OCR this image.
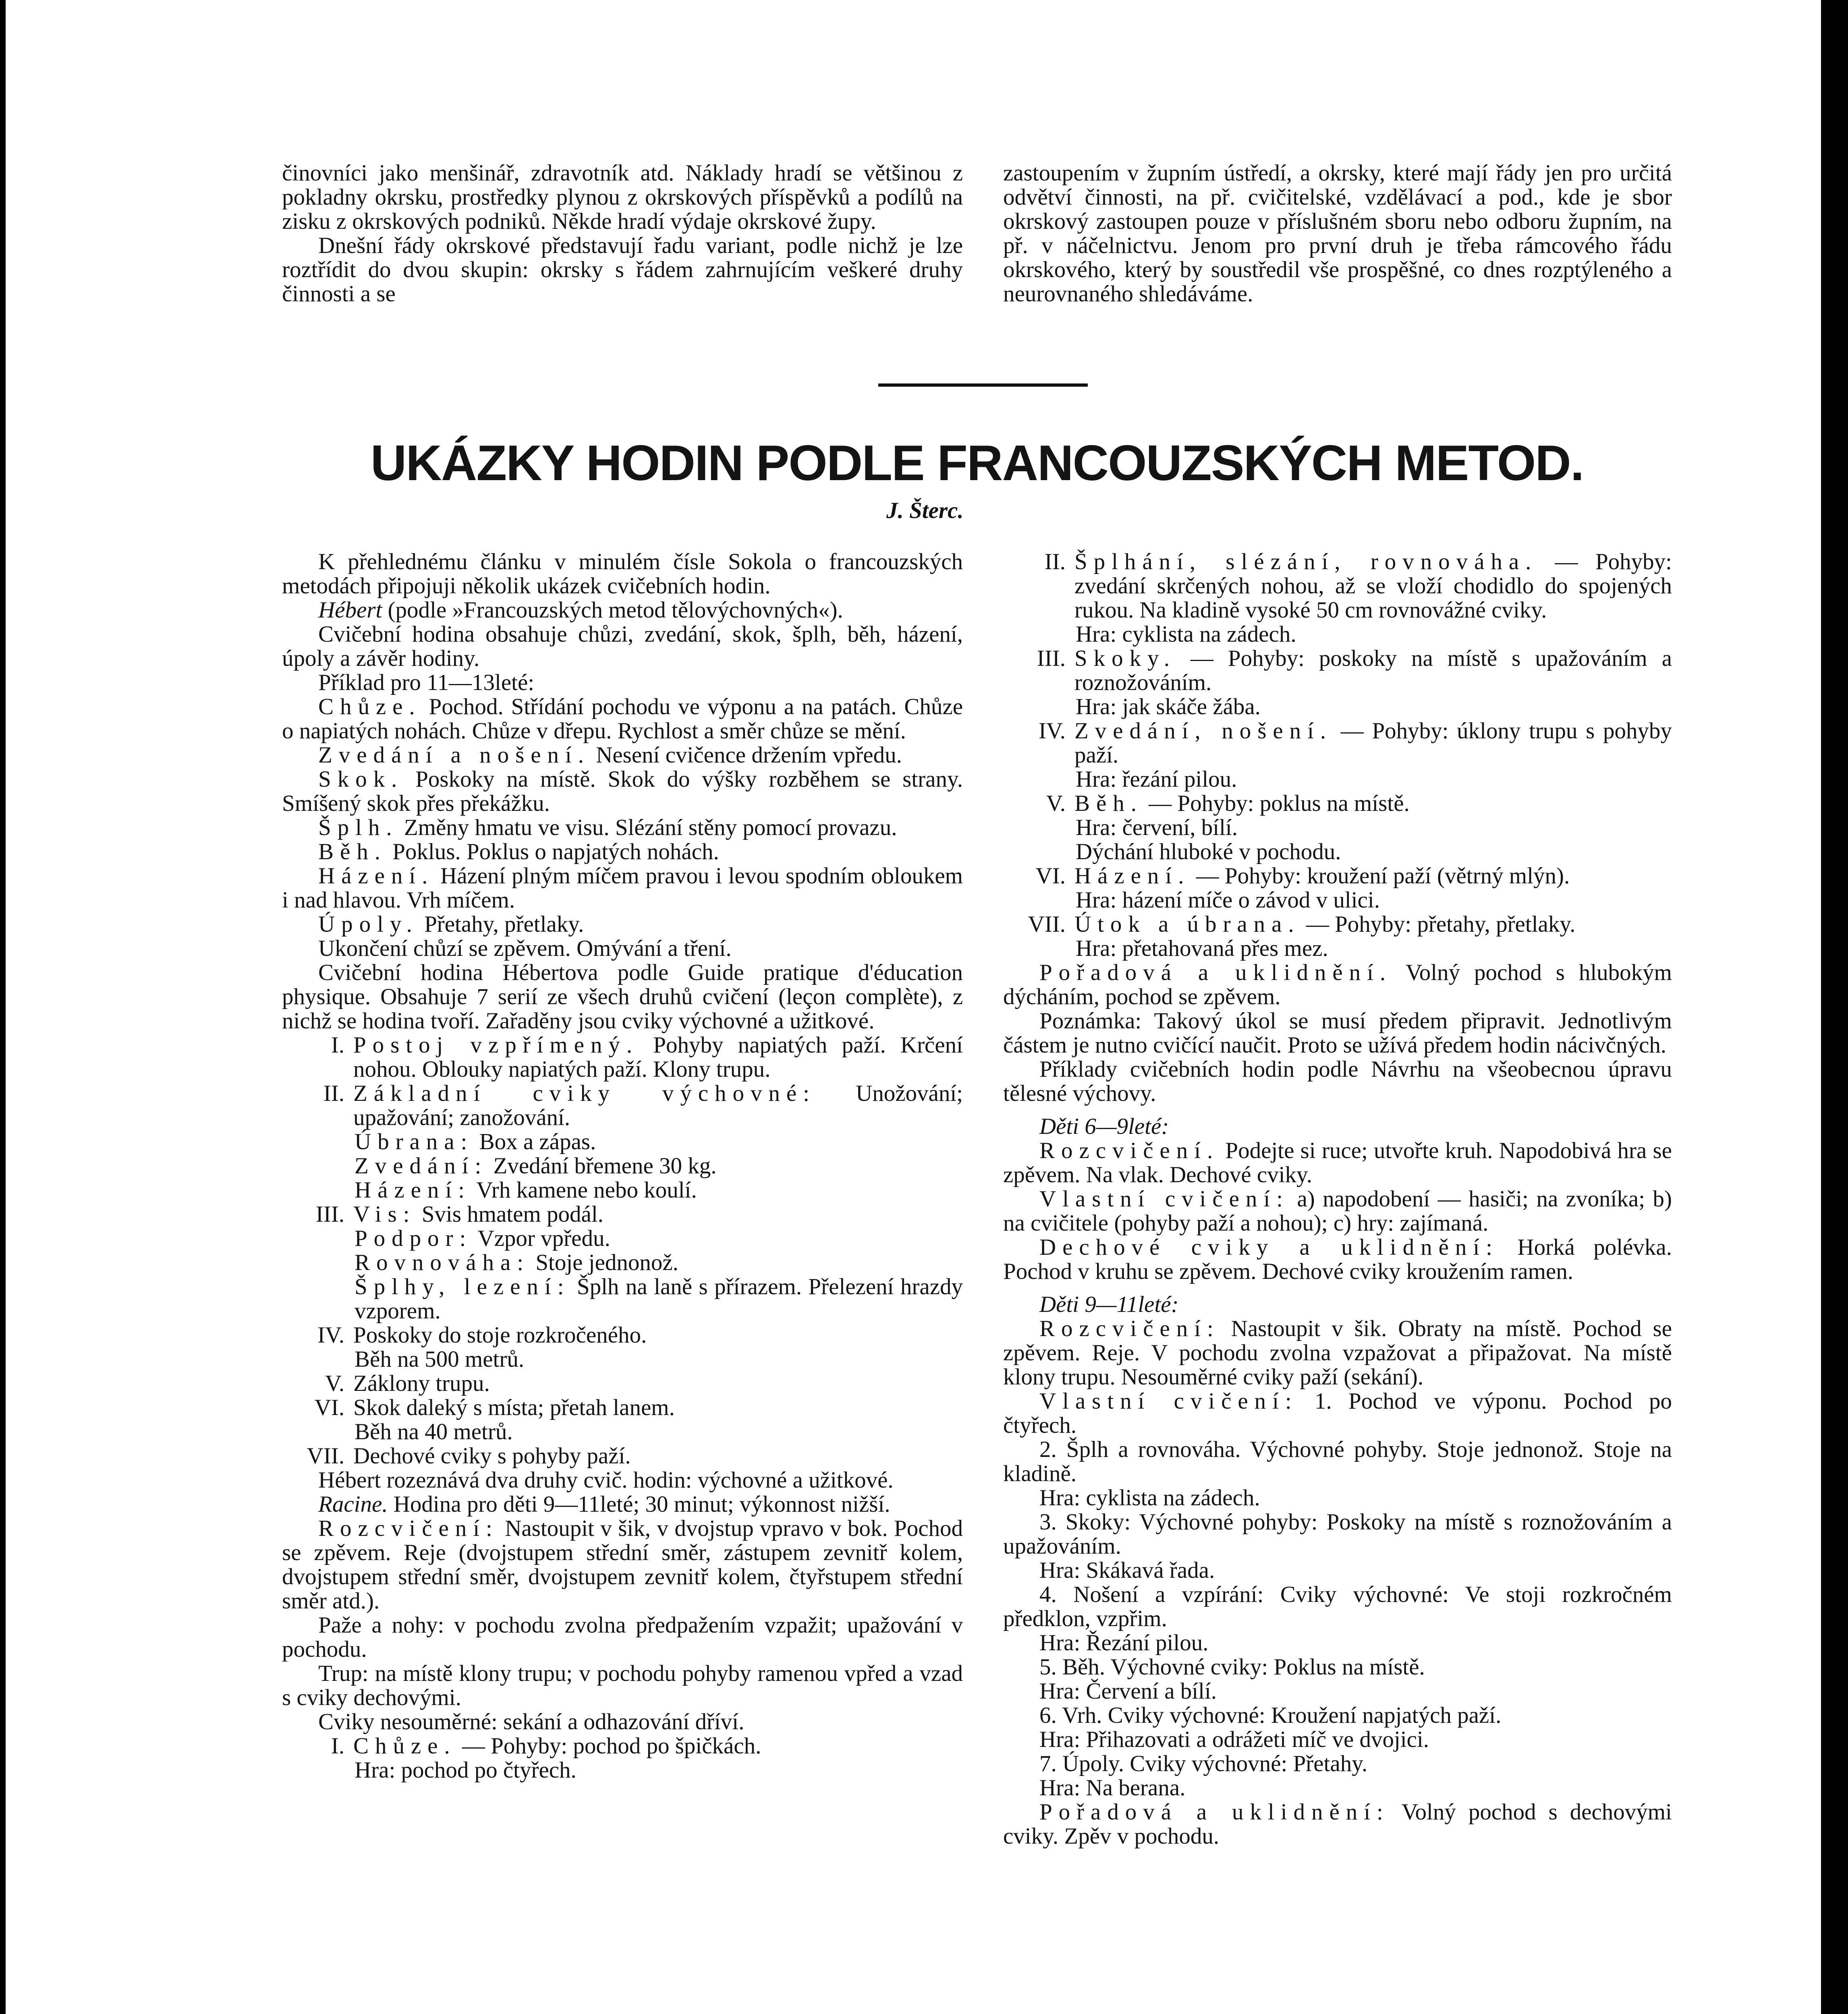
činovníci jako menšinář, zdravotník atd. Náklady hradí se většinou z pokladny okrsku, prostředky plynou z okrskových příspěvků a podílů na zisku z okrskových podniků. Někde hradí výdaje okrskové župy.

Dnešní řády okrskové představují řadu variant, podle nichž je lze roztřídit do dvou skupin: okrsky s řádem zahrnujícím veškeré druhy činnosti a se

zastoupením v župním ústředí, a okrsky, které mají řády jen pro určitá odvětví činnosti, na př. cvičitelské, vzdělávací a pod., kde je sbor okrskový zastoupen pouze v příslušném sboru nebo odboru župním, na př. v náčelnictvu. Jenom pro první druh je třeba rámcového řádu okrskového, který by soustředil vše prospěšné, co dnes rozptýleného a neurovnaného shledáváme.

UKÁZKY HODIN PODLE FRANCOUZSKÝCH METOD.
J. Šterc.

K přehlednému článku v minulém čísle Sokola o francouzských metodách připojuji několik ukázek cvičebních hodin.

Hébert (podle »Francouzských metod tělovýchovných«).

Cvičební hodina obsahuje chůzi, zvedání, skok, šplh, běh, házení, úpoly a závěr hodiny.

Příklad pro 11—13leté:

Chůze. Pochod. Střídání pochodu ve výponu a na patách. Chůze o napiatých nohách. Chůze v dřepu. Rychlost a směr chůze se mění.

Zvedání a nošení. Nesení cvičence držením vpředu.

Skok. Poskoky na místě. Skok do výšky rozběhem se strany. Smíšený skok přes překážku.

Šplh. Změny hmatu ve visu. Slézání stěny pomocí provazu.

Běh. Poklus. Poklus o napjatých nohách.

Házení. Házení plným míčem pravou i levou spodním obloukem i nad hlavou. Vrh míčem.

Úpoly. Přetahy, přetlaky.

Ukončení chůzí se zpěvem. Omývání a tření.

Cvičební hodina Hébertova podle Guide pratique d'éducation physique. Obsahuje 7 serií ze všech druhů cvičení (leçon complète), z nichž se hodina tvoří. Zařaděny jsou cviky výchovné a užitkové.

I. Postoj vzpřímený. Pohyby napiatých paží. Krčení nohou. Oblouky napiatých paží. Klony trupu.

II. Základní cviky výchovné: Unožování; upažování; zanožování.

Úbrana: Box a zápas.

Zvedání: Zvedání břemene 30 kg.

Házení: Vrh kamene nebo koulí.

III. Vis: Svis hmatem podál.

Podpor: Vzpor vpředu.

Rovnováha: Stoje jednonož.

Šplhy, lezení: Šplh na laně s přírazem. Přelezení hrazdy vzporem.

IV. Poskoky do stoje rozkročeného.

Běh na 500 metrů.

V. Záklony trupu.

VI. Skok daleký s místa; přetah lanem.

Běh na 40 metrů.

VII. Dechové cviky s pohyby paží.

Hébert rozeznává dva druhy cvič. hodin: výchovné a užitkové.

Racine. Hodina pro děti 9—11leté; 30 minut; výkonnost nižší.

Rozcvičení: Nastoupit v šik, v dvojstup vpravo v bok. Pochod se zpěvem. Reje (dvojstupem střední směr, zástupem zevnitř kolem, dvojstupem střední směr, dvojstupem zevnitř kolem, čtyřstupem střední směr atd.).

Paže a nohy: v pochodu zvolna předpažením vzpažit; upažování v pochodu.

Trup: na místě klony trupu; v pochodu pohyby ramenou vpřed a vzad s cviky dechovými.

Cviky nesouměrné: sekání a odhazování dříví.

I. Chůze. — Pohyby: pochod po špičkách.

Hra: pochod po čtyřech.

II. Šplhání, slézání, rovnováha. — Pohyby: zvedání skrčených nohou, až se vloží chodidlo do spojených rukou. Na kladině vysoké 50 cm rovnovážné cviky.

Hra: cyklista na zádech.

III. Skoky. — Pohyby: poskoky na místě s upažováním a roznožováním.

Hra: jak skáče žába.

IV. Zvedání, nošení. — Pohyby: úklony trupu s pohyby paží.

Hra: řezání pilou.

V. Běh. — Pohyby: poklus na místě.

Hra: červení, bílí.

Dýchání hluboké v pochodu.

VI. Házení. — Pohyby: kroužení paží (větrný mlýn).

Hra: házení míče o závod v ulici.

VII. Útok a úbrana. — Pohyby: přetahy, přetlaky.

Hra: přetahovaná přes mez.

Pořadová a uklidnění. Volný pochod s hlubokým dýcháním, pochod se zpěvem.

Poznámka: Takový úkol se musí předem připravit. Jednotlivým částem je nutno cvičící naučit. Proto se užívá předem hodin nácivčných.

Příklady cvičebních hodin podle Návrhu na všeobecnou úpravu tělesné výchovy.

Děti 6—9leté:

Rozcvičení. Podejte si ruce; utvořte kruh. Napodobivá hra se zpěvem. Na vlak. Dechové cviky.

Vlastní cvičení: a) napodobení — hasiči; na zvoníka; b) na cvičitele (pohyby paží a nohou); c) hry: zajímaná.

Dechové cviky a uklidnění: Horká polévka. Pochod v kruhu se zpěvem. Dechové cviky kroužením ramen.

Děti 9—11leté:

Rozcvičení: Nastoupit v šik. Obraty na místě. Pochod se zpěvem. Reje. V pochodu zvolna vzpažovat a připažovat. Na místě klony trupu. Nesouměrné cviky paží (sekání).

Vlastní cvičení: 1. Pochod ve výponu. Pochod po čtyřech.

2. Šplh a rovnováha. Výchovné pohyby. Stoje jednonož. Stoje na kladině.

Hra: cyklista na zádech.

3. Skoky: Výchovné pohyby: Poskoky na místě s roznožováním a upažováním.

Hra: Skákavá řada.

4. Nošení a vzpírání: Cviky výchovné: Ve stoji rozkročném předklon, vzpřim.

Hra: Řezání pilou.

5. Běh. Výchovné cviky: Poklus na místě.

Hra: Červení a bílí.

6. Vrh. Cviky výchovné: Kroužení napjatých paží.

Hra: Přihazovati a odrážeti míč ve dvojici.

7. Úpoly. Cviky výchovné: Přetahy.

Hra: Na berana.

Pořadová a uklidnění: Volný pochod s dechovými cviky. Zpěv v pochodu.
